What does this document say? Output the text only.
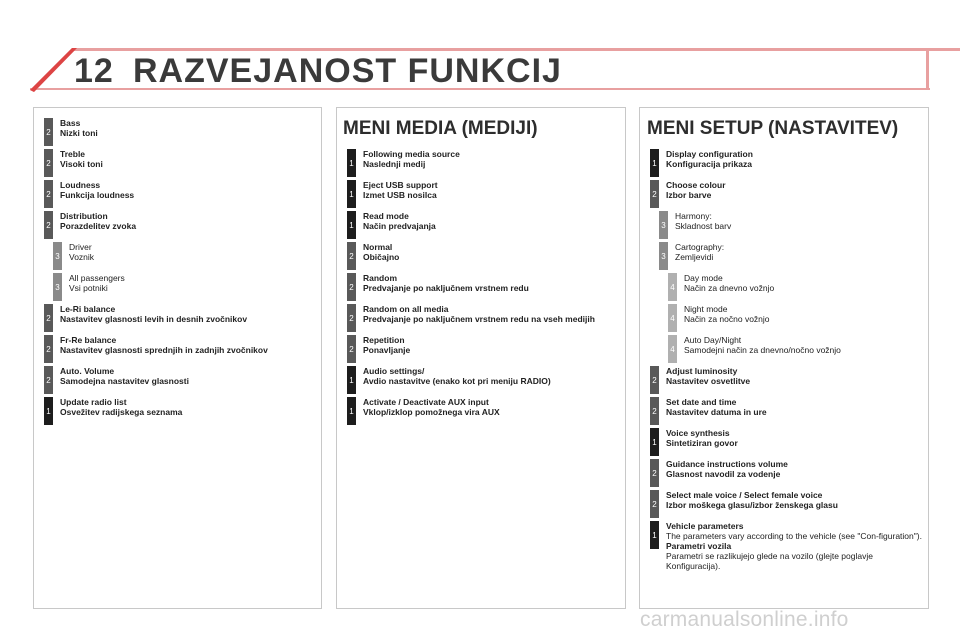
12 RAZVEJANOST FUNKCIJ
MENI MEDIA (MEDIJI)	MENI SETUP (NASTAVITEV)
2
Bass
Nizki toni
2
Treble
Visoki toni
2
Loudness
Funkcija loudness
2
Distribution
Porazdelitev zvoka
3
Driver
Voznik
3
All passengers
Vsi potniki
2
Le-Ri balance
Nastavitev glasnosti levih in desnih zvočnikov
2
Fr-Re balance
Nastavitev glasnosti sprednjih in zadnjih zvočnikov
2
Auto. Volume
Samodejna nastavitev glasnosti
1
Update radio list
Osvežitev radijskega seznama
1
Following media source
Naslednji medij
1
Eject USB support
Izmet USB nosilca
1
Read mode
Način predvajanja
2
Normal
Običajno
2
Random
Predvajanje po naključnem vrstnem redu
2
Random on all media
Predvajanje po naključnem vrstnem redu na vseh medijih
2
Repetition
Ponavljanje
1
Audio settings/
Avdio nastavitve (enako kot pri meniju RADIO)
1
Activate / Deactivate AUX input
Vklop/izklop pomožnega vira AUX
1
Display configuration
Konfiguracija prikaza
2
Choose colour
Izbor barve
3
Harmony:
Skladnost barv
3
Cartography:
Zemljevidi
4
Day mode
Način za dnevno vožnjo
4
Night mode
Način za nočno vožnjo
4
Auto Day/Night
Samodejni način za dnevno/nočno vožnjo
2
Adjust luminosity
Nastavitev osvetlitve
2
Set date and time
Nastavitev datuma in ure
1
Voice synthesis
Sintetiziran govor
2
Guidance instructions volume
Glasnost navodil za vodenje
2
Select male voice / Select female voice
Izbor moškega glasu/izbor ženskega glasu
1
Vehicle parameters
The parameters vary according to the vehicle (see "Con-figuration").
Parametri vozila
Parametri se razlikujejo glede na vozilo (glejte poglavje Konfiguracija).
carmanualsonline.info
